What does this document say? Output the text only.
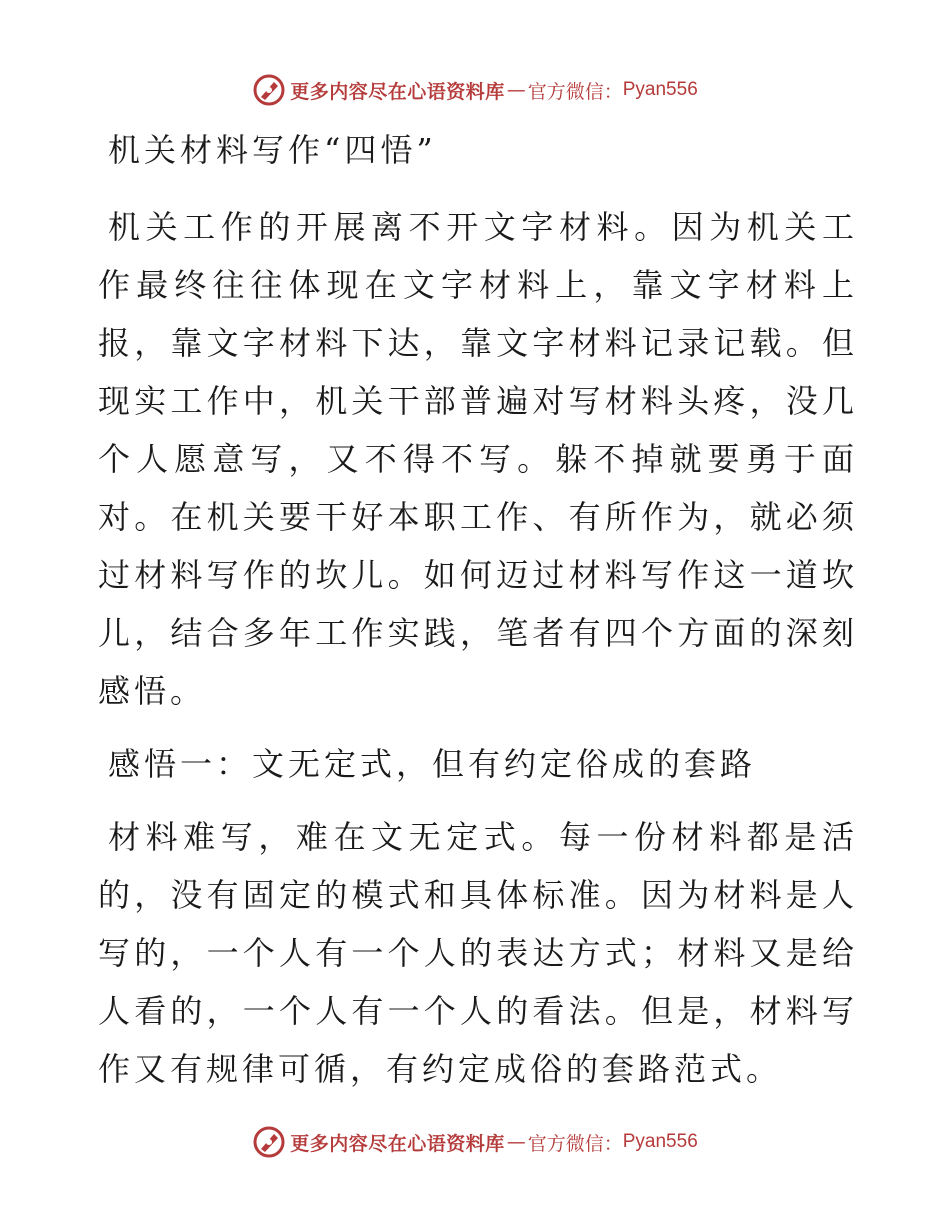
更多内容尽在心语资料库 — 官方微信： Pyan556

机关材料写作“四悟”

机关工作的开展离不开文字材料。因为机关工作最终往往体现在文字材料上，靠文字材料上报，靠文字材料下达，靠文字材料记录记载。但现实工作中，机关干部普遍对写材料头疼，没几个人愿意写，又不得不写。躲不掉就要勇于面对。在机关要干好本职工作、有所作为，就必须过材料写作的坎儿。如何迈过材料写作这一道坎儿，结合多年工作实践，笔者有四个方面的深刻感悟。

感悟一：文无定式，但有约定俗成的套路

材料难写，难在文无定式。每一份材料都是活的，没有固定的模式和具体标准。因为材料是人写的，一个人有一个人的表达方式；材料又是给人看的，一个人有一个人的看法。但是，材料写作又有规律可循，有约定成俗的套路范式。

更多内容尽在心语资料库 — 官方微信： Pyan556
